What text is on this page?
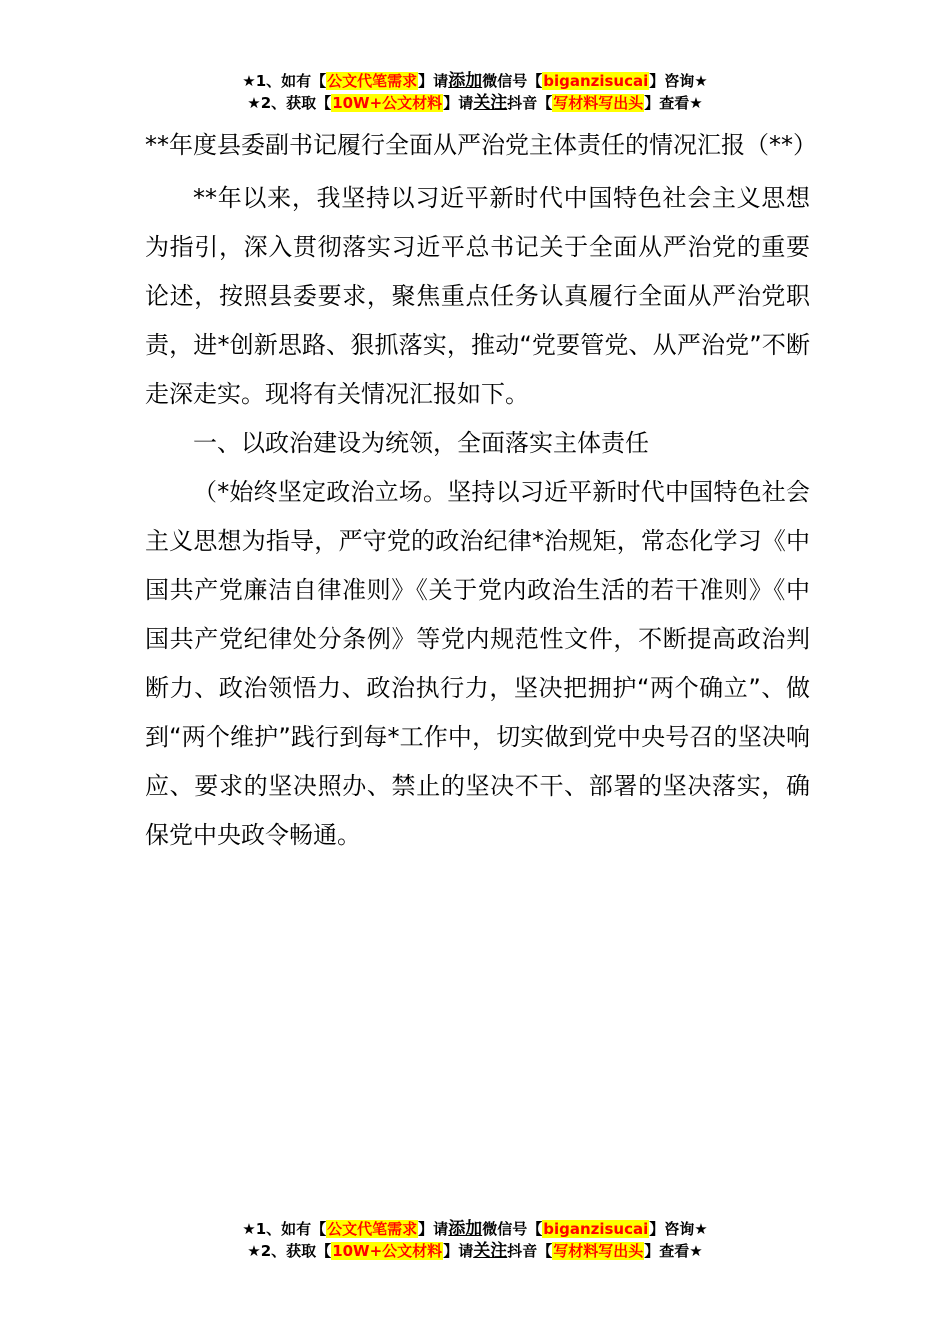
★1、如有【公文代笔需求】请添加微信号【biganzisucai】咨询★
★2、获取【10W+公文材料】请关注抖音【写材料写出头】查看★

**年度县委副书记履行全面从严治党主体责任的情况汇报（**）

**年以来，我坚持以习近平新时代中国特色社会主义思想为指引，深入贯彻落实习近平总书记关于全面从严治党的重要论述，按照县委要求，聚焦重点任务认真履行全面从严治党职责，进*创新思路、狠抓落实，推动“党要管党、从严治党”不断走深走实。现将有关情况汇报如下。

一、以政治建设为统领，全面落实主体责任

（*始终坚定政治立场。坚持以习近平新时代中国特色社会主义思想为指导，严守党的政治纪律*治规矩，常态化学习《中国共产党廉洁自律准则》《关于党内政治生活的若干准则》《中国共产党纪律处分条例》等党内规范性文件，不断提高政治判断力、政治领悟力、政治执行力，坚决把拥护“两个确立”、做到“两个维护”践行到每*工作中，切实做到党中央号召的坚决响应、要求的坚决照办、禁止的坚决不干、部署的坚决落实，确保党中央政令畅通。

★1、如有【公文代笔需求】请添加微信号【biganzisucai】咨询★
★2、获取【10W+公文材料】请关注抖音【写材料写出头】查看★
